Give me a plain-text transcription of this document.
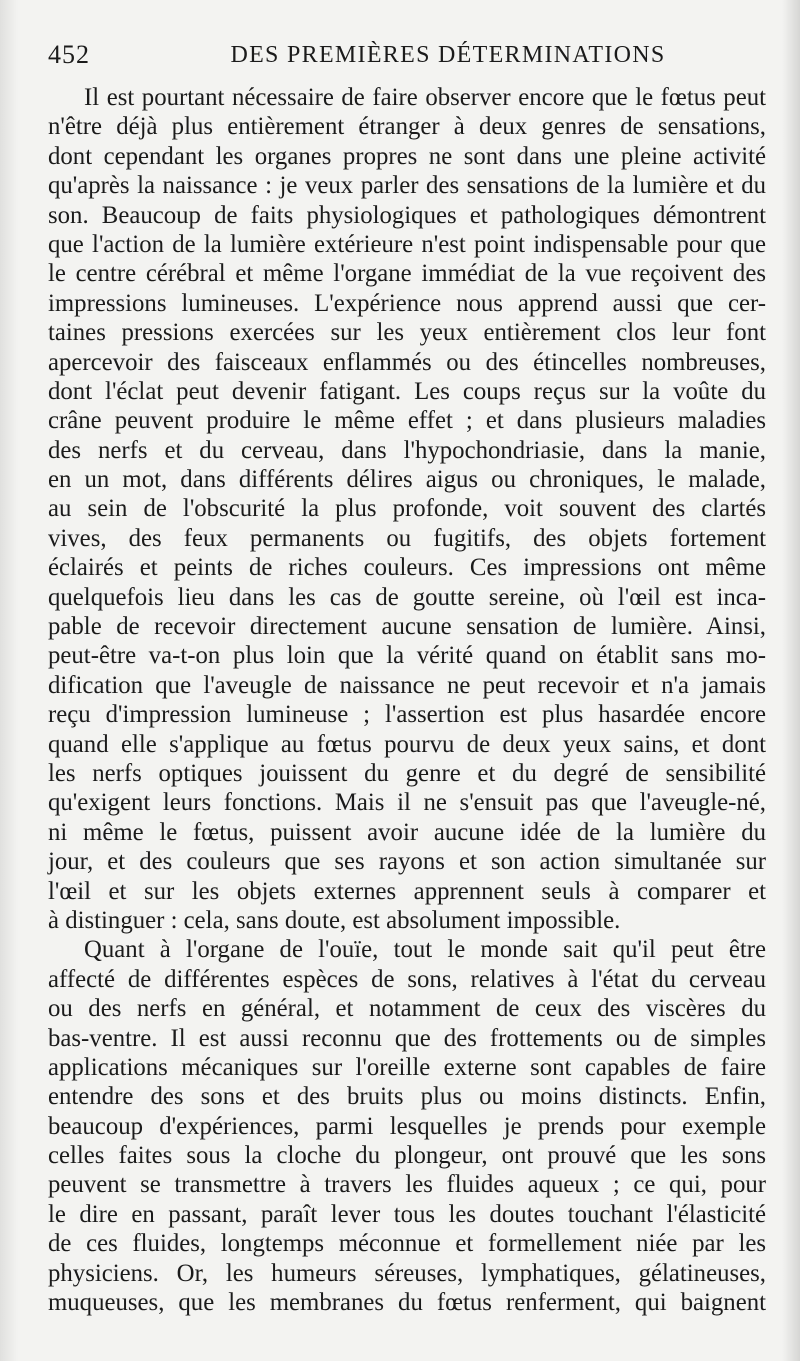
452	DES PREMIÈRES DÉTERMINATIONS
Il est pourtant nécessaire de faire observer encore que le fœtus peut
n'être déjà plus entièrement étranger à deux genres de sensations,
dont cependant les organes propres ne sont dans une pleine activité
qu'après la naissance : je veux parler des sensations de la lumière et du
son. Beaucoup de faits physiologiques et pathologiques démontrent
que l'action de la lumière extérieure n'est point indispensable pour que
le centre cérébral et même l'organe immédiat de la vue reçoivent des
impressions lumineuses. L'expérience nous apprend aussi que cer-
taines pressions exercées sur les yeux entièrement clos leur font
apercevoir des faisceaux enflammés ou des étincelles nombreuses,
dont l'éclat peut devenir fatigant. Les coups reçus sur la voûte du
crâne peuvent produire le même effet ; et dans plusieurs maladies
des nerfs et du cerveau, dans l'hypochondriasie, dans la manie,
en un mot, dans différents délires aigus ou chroniques, le malade,
au sein de l'obscurité la plus profonde, voit souvent des clartés
vives, des feux permanents ou fugitifs, des objets fortement
éclairés et peints de riches couleurs. Ces impressions ont même
quelquefois lieu dans les cas de goutte sereine, où l'œil est inca-
pable de recevoir directement aucune sensation de lumière. Ainsi,
peut-être va-t-on plus loin que la vérité quand on établit sans mo-
dification que l'aveugle de naissance ne peut recevoir et n'a jamais
reçu d'impression lumineuse ; l'assertion est plus hasardée encore
quand elle s'applique au fœtus pourvu de deux yeux sains, et dont
les nerfs optiques jouissent du genre et du degré de sensibilité
qu'exigent leurs fonctions. Mais il ne s'ensuit pas que l'aveugle-né,
ni même le fœtus, puissent avoir aucune idée de la lumière du
jour, et des couleurs que ses rayons et son action simultanée sur
l'œil et sur les objets externes apprennent seuls à comparer et
à distinguer : cela, sans doute, est absolument impossible.
Quant à l'organe de l'ouïe, tout le monde sait qu'il peut être
affecté de différentes espèces de sons, relatives à l'état du cerveau
ou des nerfs en général, et notamment de ceux des viscères du
bas-ventre. Il est aussi reconnu que des frottements ou de simples
applications mécaniques sur l'oreille externe sont capables de faire
entendre des sons et des bruits plus ou moins distincts. Enfin,
beaucoup d'expériences, parmi lesquelles je prends pour exemple
celles faites sous la cloche du plongeur, ont prouvé que les sons
peuvent se transmettre à travers les fluides aqueux ; ce qui, pour
le dire en passant, paraît lever tous les doutes touchant l'élasticité
de ces fluides, longtemps méconnue et formellement niée par les
physiciens. Or, les humeurs séreuses, lymphatiques, gélatineuses,
muqueuses, que les membranes du fœtus renferment, qui baignent
